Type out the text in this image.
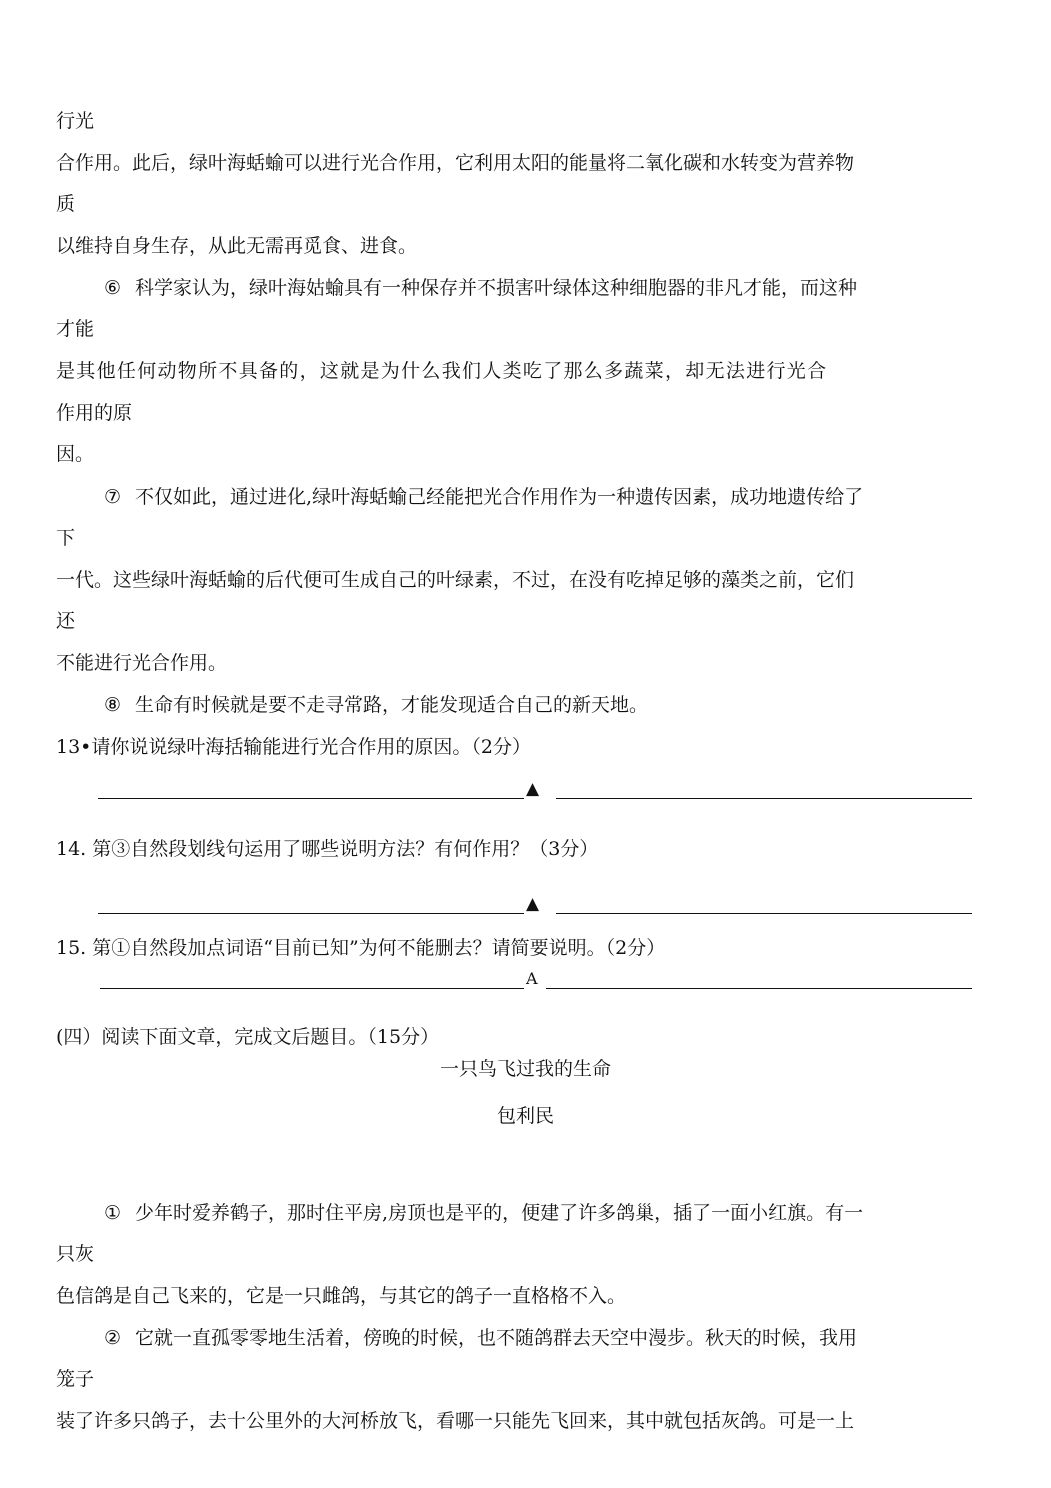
行光
合作用。此后，绿叶海蛞蝓可以进行光合作用，它利用太阳的能量将二氧化碳和水转变为营养物
质
以维持自身生存，从此无需再觅食、进食。
⑥ 科学家认为，绿叶海姑蝓具有一种保存并不损害叶绿体这种细胞器的非凡才能，而这种
才能
是其他任何动物所不具备的，这就是为什么我们人类吃了那么多蔬菜，却无法进行光合
作用的原
因。
⑦ 不仅如此，通过进化,绿叶海蛞蝓己经能把光合作用作为一种遗传因素，成功地遗传给了
下
一代。这些绿叶海蛞蝓的后代便可生成自己的叶绿素，不过，在没有吃掉足够的藻类之前，它们
还
不能进行光合作用。
⑧ 生命有时候就是要不走寻常路，才能发现适合自己的新天地。
13•请你说说绿叶海括输能进行光合作用的原因。（2分）
▲
14. 第③自然段划线句运用了哪些说明方法？有何作用？（3分）
▲
15. 第①自然段加点词语“目前已知”为何不能删去？请简要说明。（2分）
A
(四）阅读下面文章，完成文后题目。（15分）
一只鸟飞过我的生命
包利民
① 少年时爱养鹤子，那时住平房,房顶也是平的，便建了许多鸽巢，插了一面小红旗。有一
只灰
色信鸽是自己飞来的，它是一只雌鸽，与其它的鸽子一直格格不入。
② 它就一直孤零零地生活着，傍晚的时候，也不随鸽群去天空中漫步。秋天的时候，我用
笼子
装了许多只鸽子，去十公里外的大河桥放飞，看哪一只能先飞回来，其中就包括灰鸽。可是一上
